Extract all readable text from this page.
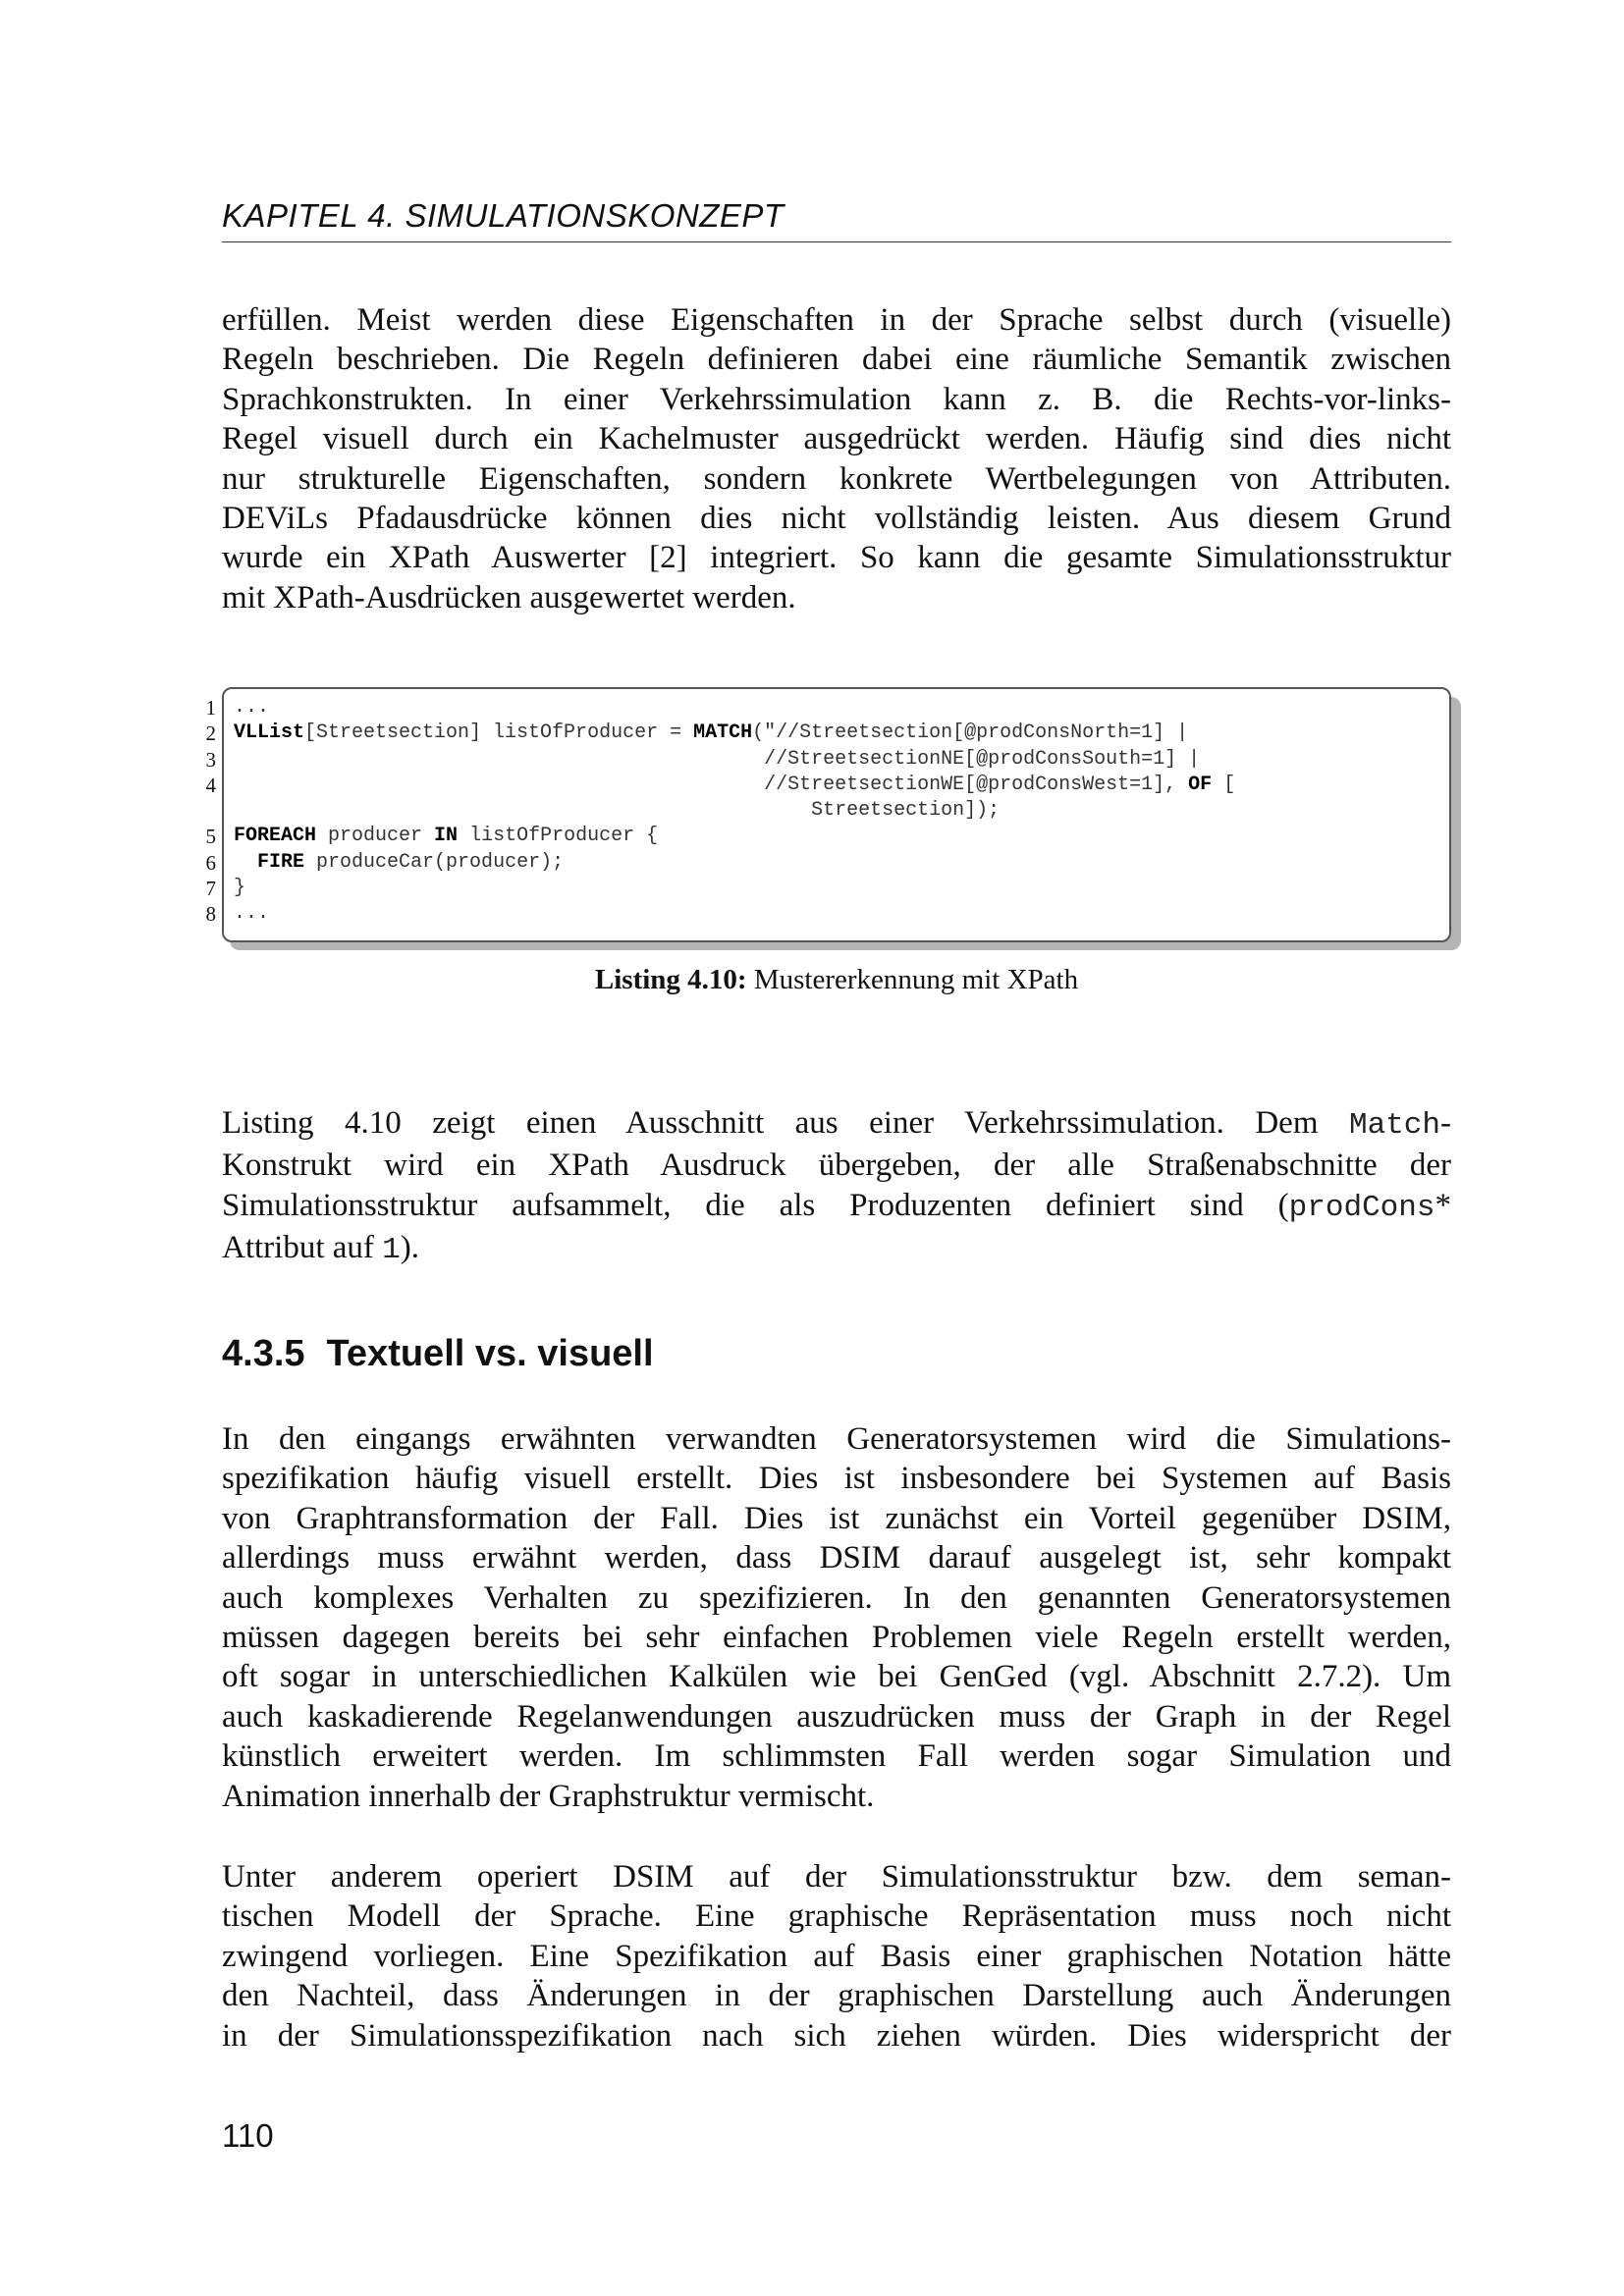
KAPITEL 4. SIMULATIONSKONZEPT

erfüllen. Meist werden diese Eigenschaften in der Sprache selbst durch (visuelle)
Regeln beschrieben. Die Regeln definieren dabei eine räumliche Semantik zwischen
Sprachkonstrukten. In einer Verkehrssimulation kann z. B. die Rechts-vor-links-
Regel visuell durch ein Kachelmuster ausgedrückt werden. Häufig sind dies nicht
nur strukturelle Eigenschaften, sondern konkrete Wertbelegungen von Attributen.
DEViLs Pfadausdrücke können dies nicht vollständig leisten. Aus diesem Grund
wurde ein XPath Auswerter [2] integriert. So kann die gesamte Simulationsstruktur
mit XPath-Ausdrücken ausgewertet werden.

1
2
3
4

5
6
7
8
...
VLList[Streetsection] listOfProducer = MATCH("//Streetsection[@prodConsNorth=1] |
//StreetsectionNE[@prodConsSouth=1] |
//StreetsectionWE[@prodConsWest=1], OF [
Streetsection]);
FOREACH producer IN listOfProducer {
FIRE produceCar(producer);
}
...
Listing 4.10: Mustererkennung mit XPath

Listing 4.10 zeigt einen Ausschnitt aus einer Verkehrssimulation. Dem Match-
Konstrukt wird ein XPath Ausdruck übergeben, der alle Straßenabschnitte der
Simulationsstruktur aufsammelt, die als Produzenten definiert sind (prodCons*
Attribut auf 1).

4.3.5 Textuell vs. visuell

In den eingangs erwähnten verwandten Generatorsystemen wird die Simulations-
spezifikation häufig visuell erstellt. Dies ist insbesondere bei Systemen auf Basis
von Graphtransformation der Fall. Dies ist zunächst ein Vorteil gegenüber DSIM,
allerdings muss erwähnt werden, dass DSIM darauf ausgelegt ist, sehr kompakt
auch komplexes Verhalten zu spezifizieren. In den genannten Generatorsystemen
müssen dagegen bereits bei sehr einfachen Problemen viele Regeln erstellt werden,
oft sogar in unterschiedlichen Kalkülen wie bei GenGed (vgl. Abschnitt 2.7.2). Um
auch kaskadierende Regelanwendungen auszudrücken muss der Graph in der Regel
künstlich erweitert werden. Im schlimmsten Fall werden sogar Simulation und
Animation innerhalb der Graphstruktur vermischt.

Unter anderem operiert DSIM auf der Simulationsstruktur bzw. dem seman-
tischen Modell der Sprache. Eine graphische Repräsentation muss noch nicht
zwingend vorliegen. Eine Spezifikation auf Basis einer graphischen Notation hätte
den Nachteil, dass Änderungen in der graphischen Darstellung auch Änderungen
in der Simulationsspezifikation nach sich ziehen würden. Dies widerspricht der

110
